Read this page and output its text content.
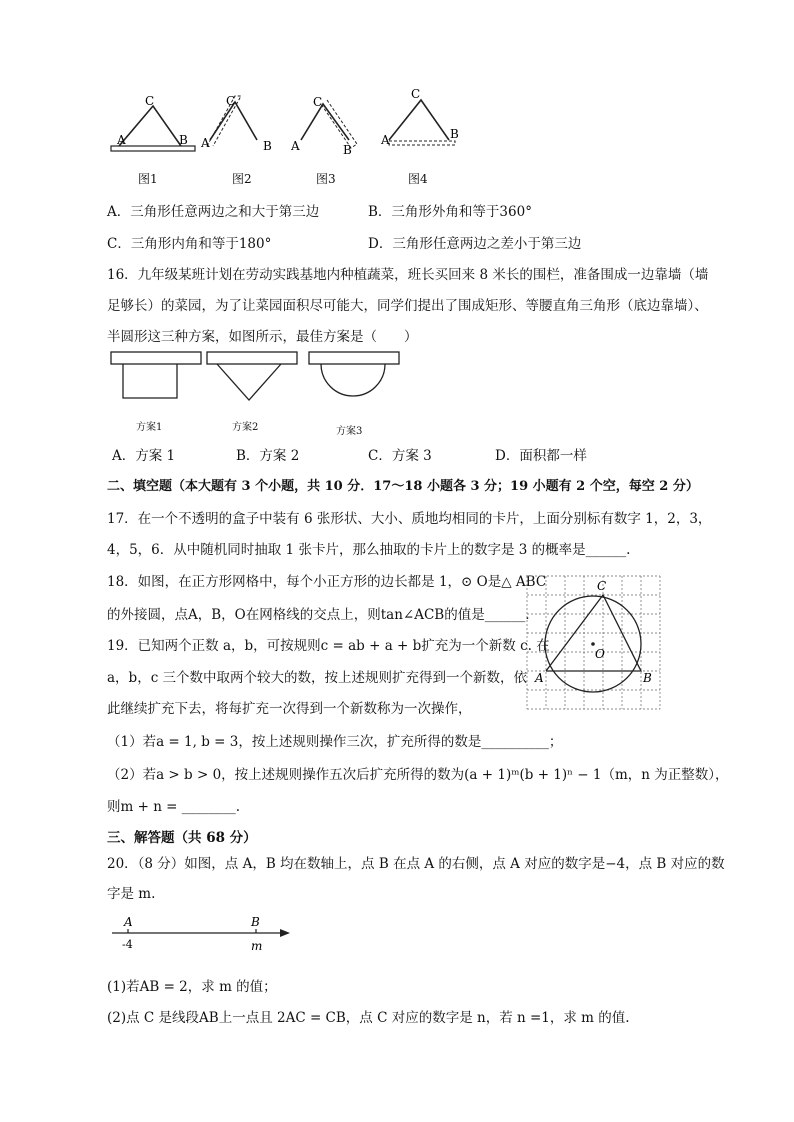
C
A	B
C
A	B
C
A	B
C
A	B
图1	图2	图3	图4
A．三角形任意两边之和大于第三边	B．三角形外角和等于360°
C．三角形内角和等于180°	D．三角形任意两边之差小于第三边
16．九年级某班计划在劳动实践基地内种植蔬菜，班长买回来 8 米长的围栏，准备围成一边靠墙（墙
足够长）的菜园，为了让菜园面积尽可能大，同学们提出了围成矩形、等腰直角三角形（底边靠墙）、
半圆形这三种方案，如图所示，最佳方案是（　　）
方案1	方案2	方案3
A．方案 1	B．方案 2	C．方案 3	D．面积都一样
二、填空题（本大题有 3 个小题，共 10 分．17～18 小题各 3 分；19 小题有 2 个空，每空 2 分）
17．在一个不透明的盒子中装有 6 张形状、大小、质地均相同的卡片，上面分别标有数字 1，2，3，
4，5，6．从中随机同时抽取 1 张卡片，那么抽取的卡片上的数字是 3 的概率是______.
18．如图，在正方形网格中，每个小正方形的边长都是 1，⊙ O是△ ABC
的外接圆，点A，B，O在网格线的交点上，则tan∠ACB的值是______.
19．已知两个正数 a，b，可按规则c = ab + a + b扩充为一个新数 c. 在
a，b，c 三个数中取两个较大的数，按上述规则扩充得到一个新数，依
此继续扩充下去，将每扩充一次得到一个新数称为一次操作，
（1）若a = 1, b = 3，按上述规则操作三次，扩充所得的数是__________；
（2）若a > b > 0，按上述规则操作五次后扩充所得的数为(a + 1)ᵐ(b + 1)ⁿ − 1（m，n 为正整数），
则m + n = ________.
C
A	B
O
三、解答题（共 68 分）
20．（8 分）如图，点 A，B 均在数轴上，点 B 在点 A 的右侧，点 A 对应的数字是−4，点 B 对应的数
字是 m.
A	B
-4	m
(1)若AB = 2，求 m 的值；
(2)点 C 是线段AB上一点且 2AC = CB，点 C 对应的数字是 n，若 n =1，求 m 的值.
